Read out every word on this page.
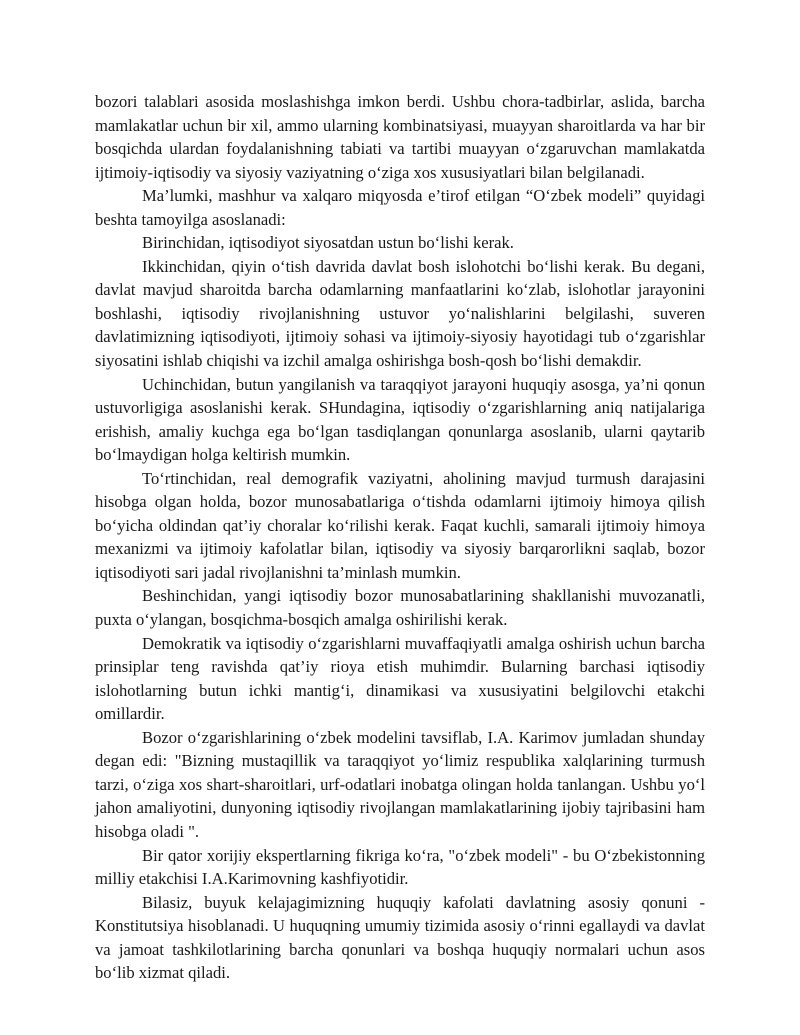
bozori talablari asosida moslashishga imkon berdi. Ushbu chora-tadbirlar, aslida, barcha mamlakatlar uchun bir xil, ammo ularning kombinatsiyasi, muayyan sharoitlarda va har bir bosqichda ulardan foydalanishning tabiati va tartibi muayyan o‘zgaruvchan mamlakatda ijtimoiy-iqtisodiy va siyosiy vaziyatning o‘ziga xos xususiyatlari bilan belgilanadi.

Ma’lumki, mashhur va xalqaro miqyosda e’tirof etilgan “O‘zbek modeli” quyidagi beshta tamoyilga asoslanadi:

Birinchidan, iqtisodiyot siyosatdan ustun bo‘lishi kerak.

Ikkinchidan, qiyin o‘tish davrida davlat bosh islohotchi bo‘lishi kerak. Bu degani, davlat mavjud sharoitda barcha odamlarning manfaatlarini ko‘zlab, islohotlar jarayonini boshlashi, iqtisodiy rivojlanishning ustuvor yo‘nalishlarini belgilashi, suveren davlatimizning iqtisodiyoti, ijtimoiy sohasi va ijtimoiy-siyosiy hayotidagi tub o‘zgarishlar siyosatini ishlab chiqishi va izchil amalga oshirishga bosh-qosh bo‘lishi demakdir.

Uchinchidan, butun yangilanish va taraqqiyot jarayoni huquqiy asosga, ya’ni qonun ustuvorligiga asoslanishi kerak. SHundagina, iqtisodiy o‘zgarishlarning aniq natijalariga erishish, amaliy kuchga ega bo‘lgan tasdiqlangan qonunlarga asoslanib, ularni qaytarib bo‘lmaydigan holga keltirish mumkin.

To‘rtinchidan, real demografik vaziyatni, aholining mavjud turmush darajasini hisobga olgan holda, bozor munosabatlariga o‘tishda odamlarni ijtimoiy himoya qilish bo‘yicha oldindan qat’iy choralar ko‘rilishi kerak. Faqat kuchli, samarali ijtimoiy himoya mexanizmi va ijtimoiy kafolatlar bilan, iqtisodiy va siyosiy barqarorlikni saqlab, bozor iqtisodiyoti sari jadal rivojlanishni ta’minlash mumkin.

Beshinchidan, yangi iqtisodiy bozor munosabatlarining shakllanishi muvozanatli, puxta o‘ylangan, bosqichma-bosqich amalga oshirilishi kerak.

Demokratik va iqtisodiy o‘zgarishlarni muvaffaqiyatli amalga oshirish uchun barcha prinsiplar teng ravishda qat’iy rioya etish muhimdir. Bularning barchasi iqtisodiy islohotlarning butun ichki mantig‘i, dinamikasi va xususiyatini belgilovchi etakchi omillardir.

Bozor o‘zgarishlarining o‘zbek modelini tavsiflab, I.A. Karimov jumladan shunday degan edi: "Bizning mustaqillik va taraqqiyot yo‘limiz respublika xalqlarining turmush tarzi, o‘ziga xos shart-sharoitlari, urf-odatlari inobatga olingan holda tanlangan. Ushbu yo‘l jahon amaliyotini, dunyoning iqtisodiy rivojlangan mamlakatlarining ijobiy tajribasini ham hisobga oladi ".

Bir qator xorijiy ekspertlarning fikriga ko‘ra, "o‘zbek modeli" - bu O‘zbekistonning milliy etakchisi I.A.Karimovning kashfiyotidir.

Bilasiz, buyuk kelajagimizning huquqiy kafolati davlatning asosiy qonuni - Konstitutsiya hisoblanadi. U huquqning umumiy tizimida asosiy o‘rinni egallaydi va davlat va jamoat tashkilotlarining barcha qonunlari va boshqa huquqiy normalari uchun asos bo‘lib xizmat qiladi.
